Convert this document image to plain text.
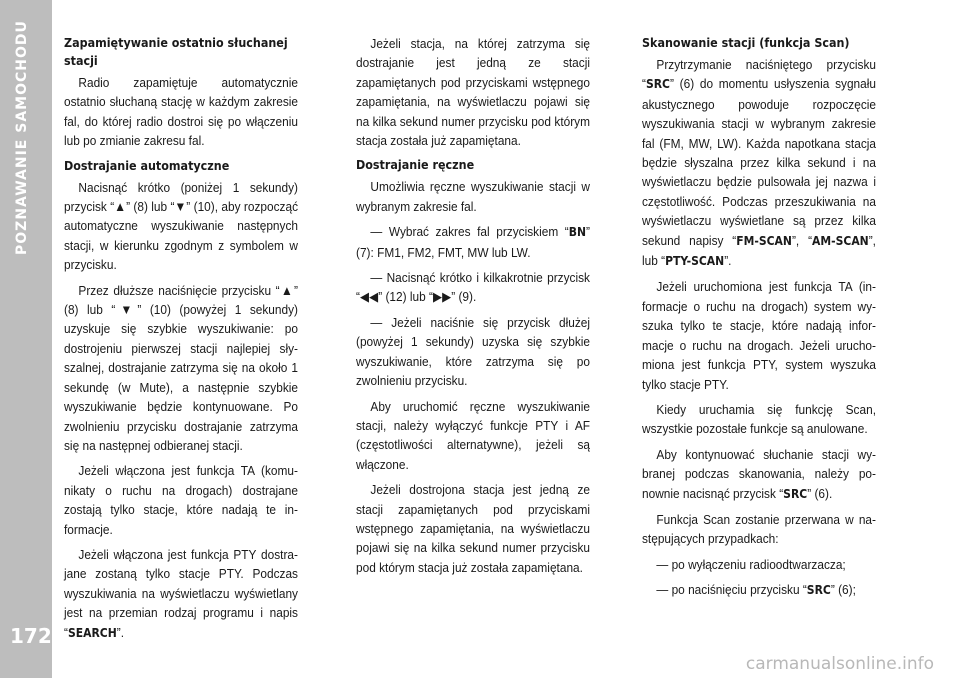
POZNAWANIE SAMOCHODU
172
Zapamiętywanie ostatnio słuchanej stacji

Radio zapamiętuje automatycznie ostatnio słuchaną stację w każdym zakresie fal, do której radio dostroi się po włączeniu lub po zmianie zakresu fal.

Dostrajanie automatyczne

Nacisnąć krótko (poniżej 1 sekundy) przycisk “▲” (8) lub “▼” (10), aby rozpocząć automatyczne wyszukiwanie następnych stacji, w kierunku zgodnym z symbolem w przycisku.

Przez dłuższe naciśnięcie przycisku “▲” (8) lub “▼” (10) (powyżej 1 sekundy) uzyskuje się szybkie wyszukiwanie: po dostrojeniu pierwszej stacji najlepiej słyszalnej, dostrajanie zatrzyma się na około 1 sekundę (w Mute), a następnie szybkie wyszukiwanie będzie kontynuowane. Po zwolnieniu przycisku dostrajanie zatrzyma się na następnej odbieranej stacji.

Jeżeli włączona jest funkcja TA (komunikaty o ruchu na drogach) dostrajane zostają tylko stacje, które nadają te informacje.

Jeżeli włączona jest funkcja PTY dostrajane zostaną tylko stacje PTY. Podczas wyszukiwania na wyświetlaczu wyświetlany jest na przemian rodzaj programu i napis “SEARCH”.

Jeżeli stacja, na której zatrzyma się dostrajanie jest jedną ze stacji zapamiętanych pod przyciskami wstępnego zapamiętania, na wyświetlaczu pojawi się na kilka sekund numer przycisku pod którym stacja została już zapamiętana.

Dostrajanie ręczne

Umożliwia ręczne wyszukiwanie stacji w wybranym zakresie fal.

— Wybrać zakres fal przyciskiem “BN” (7): FM1, FM2, FMT, MW lub LW.

— Nacisnąć krótko i kilkakrotnie przycisk “◀◀” (12) lub “▶▶” (9).

— Jeżeli naciśnie się przycisk dłużej (powyżej 1 sekundy) uzyska się szybkie wyszukiwanie, które zatrzyma się po zwolnieniu przycisku.

Aby uruchomić ręczne wyszukiwanie stacji, należy wyłączyć funkcje PTY i AF (częstotliwości alternatywne), jeżeli są włączone.

Jeżeli dostrojona stacja jest jedną ze stacji zapamiętanych pod przyciskami wstępnego zapamiętania, na wyświetlaczu pojawi się na kilka sekund numer przycisku pod którym stacja już została zapamiętana.

Skanowanie stacji (funkcja Scan)

Przytrzymanie naciśniętego przycisku “SRC” (6) do momentu usłyszenia sygnału akustycznego powoduje rozpoczęcie wyszukiwania stacji w wybranym zakresie fal (FM, MW, LW). Każda napotkana stacja będzie słyszalna przez kilka sekund i na wyświetlaczu będzie pulsowała jej nazwa i częstotliwość. Podczas przeszukiwania na wyświetlaczu wyświetlane są przez kilka sekund napisy “FM-SCAN”, “AM-SCAN”, lub “PTY-SCAN”.

Jeżeli uruchomiona jest funkcja TA (informacje o ruchu na drogach) system wyszuka tylko te stacje, które nadają informacje o ruchu na drogach. Jeżeli uruchomiona jest funkcja PTY, system wyszuka tylko stacje PTY.

Kiedy uruchamia się funkcję Scan, wszystkie pozostałe funkcje są anulowane.

Aby kontynuować słuchanie stacji wybranej podczas skanowania, należy ponownie nacisnąć przycisk “SRC” (6).

Funkcja Scan zostanie przerwana w następujących przypadkach:

— po wyłączeniu radioodtwarzacza;

— po naciśnięciu przycisku “SRC” (6);

carmanualsonline.info
